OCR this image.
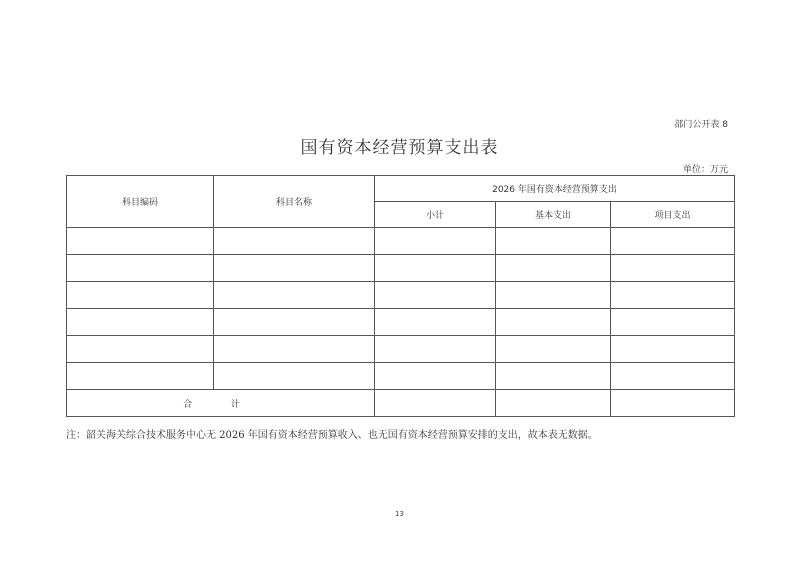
部门公开表 8
国有资本经营预算支出表
单位：万元
科目编码	科目名称	2026 年国有资本经营预算支出		
		小计	基本支出	项目支出

合 计				
注：韶关海关综合技术服务中心无 2026 年国有资本经营预算收入、也无国有资本经营预算安排的支出，故本表无数据。
13
